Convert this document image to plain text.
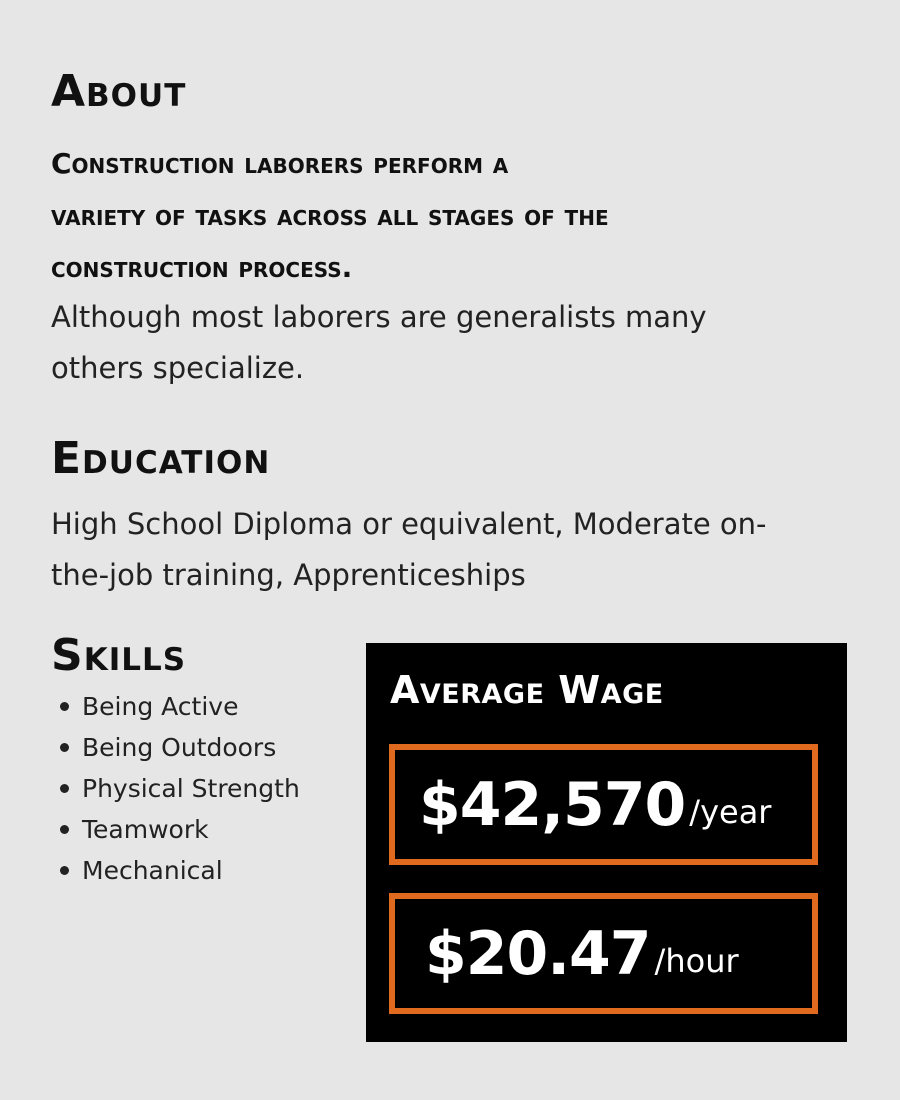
About

Construction laborers perform a
variety of tasks across all stages of the
construction process.

Although most laborers are generalists many
others specialize.

Education

High School Diploma or equivalent, Moderate on-
the-job training, Apprenticeships

Skills
Being Active
Being Outdoors
Physical Strength
Teamwork
Mechanical
Average Wage
$42,570 /year
$20.47 /hour
